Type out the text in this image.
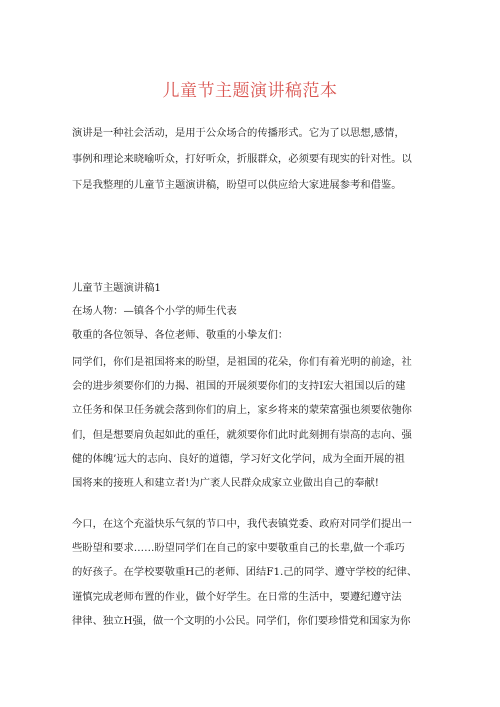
儿童节主题演讲稿范本
演讲是一种社会活动，是用于公众场合的传播形式。它为了以思想,感情，
事例和理论来晓喻听众，打好听众，折服群众，必须要有现实的针对性。以
下是我整理的儿童节主题演讲稿，盼望可以供应给大家进展参考和借鉴。

儿童节主题演讲稿1

在场人物：—镇各个小学的师生代表

敬重的各位领导、各位老师、敬重的小挚友们：

同学们，你们是祖国将来的盼望，是祖国的花朵，你们有着光明的前途，社
会的进步须要你们的力揭、祖国的开展须要你们的支持I宏大祖国以后的建
立任务和保卫任务就会落到你们的肩上，家乡将来的蒙荣富强也须要依匏你
们，但是想要肩负起如此的重任，就须要你们此时此刻拥有崇高的志向、强
健的体魄’远大的志向、良好的道德，学习好文化学问，成为全面开展的祖
国将来的接班人和建立者!为广袤人民群众成家立业做出自己的奉献!
今口，在这个充溢快乐气氛的节口中，我代表镇党委、政府对同学们提出一
些盼望和要求……盼望同学们在自己的家中要敬重自己的长辈,做一个乖巧
的好孩子。在学校要敬重H己的老师、团结F1.己的同学、遵守学校的纪律、
谨慎完成老师布置的作业，做个好学生。在日常的生活中，要遵纪遵守法
律律、独立H强，做一个文明的小公民。同学们，你们要珍惜党和国家为你
